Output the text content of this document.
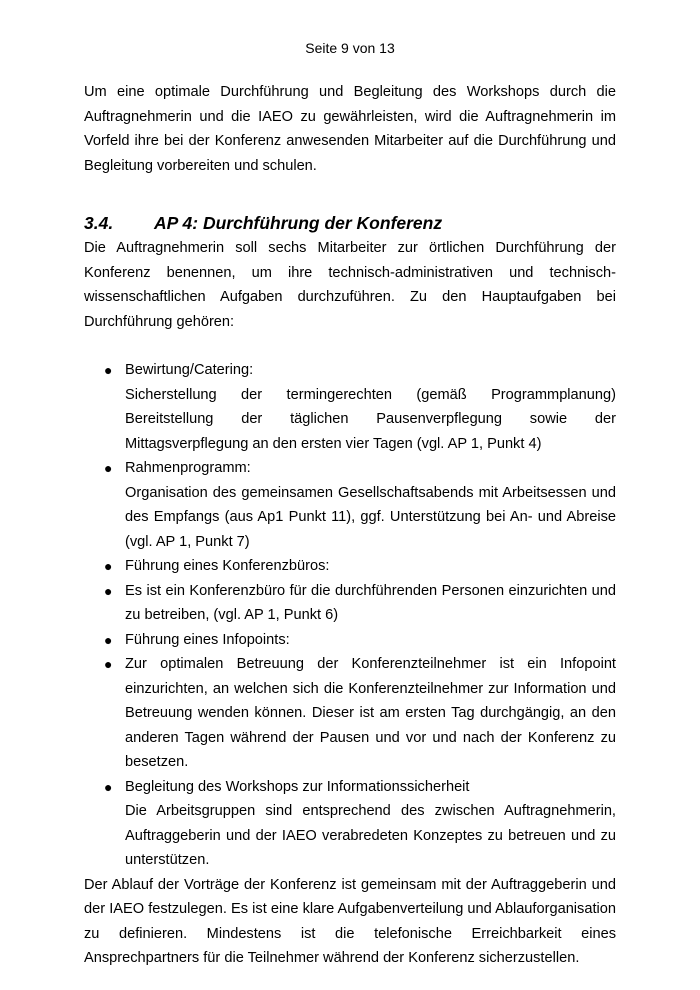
Seite 9 von 13

Um eine optimale Durchführung und Begleitung des Workshops durch die Auftragnehmerin und die IAEO zu gewährleisten, wird die Auftragnehmerin im Vorfeld ihre bei der Konferenz anwesenden Mitarbeiter auf die Durchführung und Begleitung vorbereiten und schulen.

3.4. AP 4: Durchführung der Konferenz

Die Auftragnehmerin soll sechs Mitarbeiter zur örtlichen Durchführung der Konferenz benennen, um ihre technisch-administrativen und technisch-wissenschaftlichen Aufgaben durchzuführen. Zu den Hauptaufgaben bei Durchführung gehören:

● Bewirtung/Catering:
Sicherstellung der termingerechten (gemäß Programmplanung) Bereitstellung der täglichen Pausenverpflegung sowie der Mittagsverpflegung an den ersten vier Tagen (vgl. AP 1, Punkt 4)
● Rahmenprogramm:
Organisation des gemeinsamen Gesellschaftsabends mit Arbeitsessen und des Empfangs (aus Ap1 Punkt 11), ggf. Unterstützung bei An- und Abreise (vgl. AP 1, Punkt 7)
● Führung eines Konferenzbüros:
● Es ist ein Konferenzbüro für die durchführenden Personen einzurichten und zu betreiben, (vgl. AP 1, Punkt 6)
● Führung eines Infopoints:
● Zur optimalen Betreuung der Konferenzteilnehmer ist ein Infopoint einzurichten, an welchen sich die Konferenzteilnehmer zur Information und Betreuung wenden können. Dieser ist am ersten Tag durchgängig, an den anderen Tagen während der Pausen und vor und nach der Konferenz zu besetzen.
● Begleitung des Workshops zur Informationssicherheit
Die Arbeitsgruppen sind entsprechend des zwischen Auftragnehmerin, Auftraggeberin und der IAEO verabredeten Konzeptes zu betreuen und zu unterstützen.

Der Ablauf der Vorträge der Konferenz ist gemeinsam mit der Auftraggeberin und der IAEO festzulegen. Es ist eine klare Aufgabenverteilung und Ablauforganisation zu definieren. Mindestens ist die telefonische Erreichbarkeit eines Ansprechpartners für die Teilnehmer während der Konferenz sicherzustellen.
